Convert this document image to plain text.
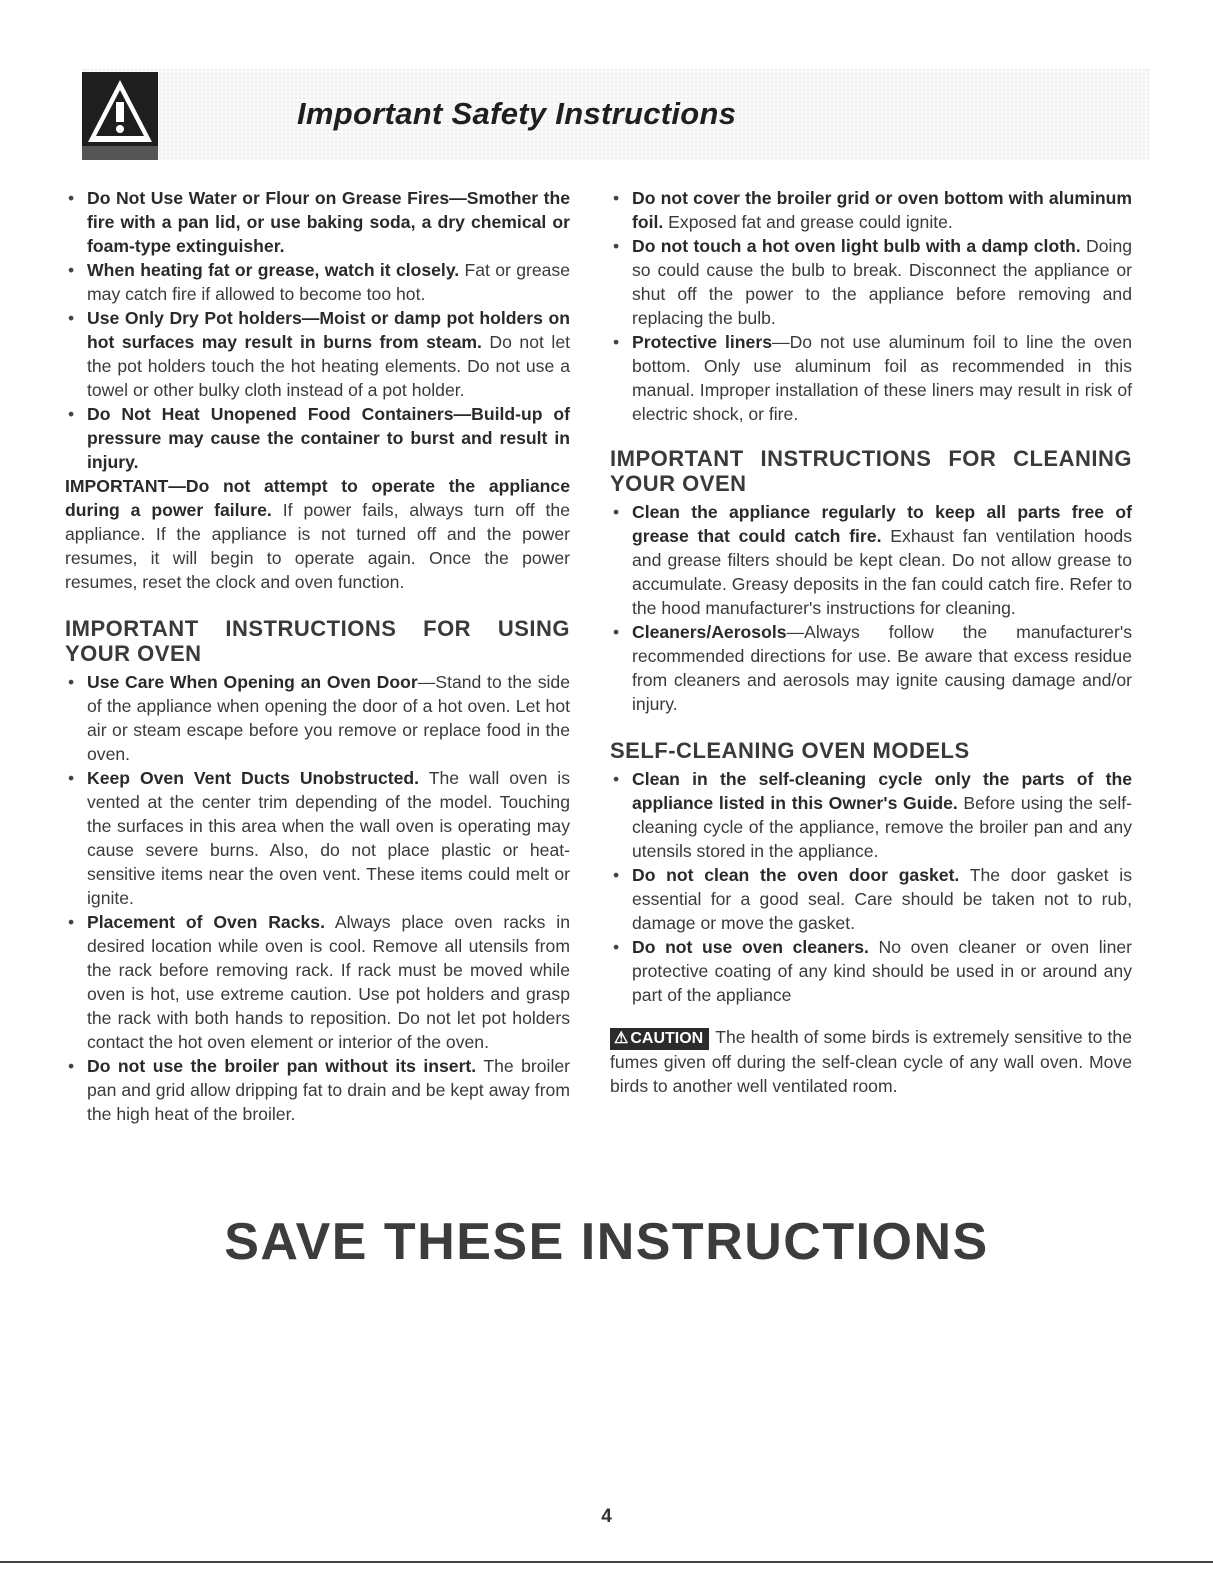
Important Safety Instructions

• Do Not Use Water or Flour on Grease Fires—Smother the fire with a pan lid, or use baking soda, a dry chemical or foam-type extinguisher.

• When heating fat or grease, watch it closely. Fat or grease may catch fire if allowed to become too hot.

• Use Only Dry Pot holders—Moist or damp pot holders on hot surfaces may result in burns from steam. Do not let the pot holders touch the hot heating elements. Do not use a towel or other bulky cloth instead of a pot holder.

• Do Not Heat Unopened Food Containers—Build-up of pressure may cause the container to burst and result in injury.

IMPORTANT—Do not attempt to operate the appliance during a power failure. If power fails, always turn off the appliance. If the appliance is not turned off and the power resumes, it will begin to operate again. Once the power resumes, reset the clock and oven function.

IMPORTANT INSTRUCTIONS FOR USING
YOUR OVEN

• Use Care When Opening an Oven Door—Stand to the side of the appliance when opening the door of a hot oven. Let hot air or steam escape before you remove or replace food in the oven.

• Keep Oven Vent Ducts Unobstructed. The wall oven is vented at the center trim depending of the model. Touching the surfaces in this area when the wall oven is operating may cause severe burns. Also, do not place plastic or heat-sensitive items near the oven vent. These items could melt or ignite.

• Placement of Oven Racks. Always place oven racks in desired location while oven is cool. Remove all utensils from the rack before removing rack. If rack must be moved while oven is hot, use extreme caution. Use pot holders and grasp the rack with both hands to reposition. Do not let pot holders contact the hot oven element or interior of the oven.

• Do not use the broiler pan without its insert. The broiler pan and grid allow dripping fat to drain and be kept away from the high heat of the broiler.

• Do not cover the broiler grid or oven bottom with aluminum foil. Exposed fat and grease could ignite.

• Do not touch a hot oven light bulb with a damp cloth. Doing so could cause the bulb to break. Disconnect the appliance or shut off the power to the appliance before removing and replacing the bulb.

• Protective liners—Do not use aluminum foil to line the oven bottom. Only use aluminum foil as recommended in this manual. Improper installation of these liners may result in risk of electric shock, or fire.

IMPORTANT INSTRUCTIONS FOR CLEANING
YOUR OVEN

• Clean the appliance regularly to keep all parts free of grease that could catch fire. Exhaust fan ventilation hoods and grease filters should be kept clean. Do not allow grease to accumulate. Greasy deposits in the fan could catch fire. Refer to the hood manufacturer's instructions for cleaning.

• Cleaners/Aerosols—Always follow the manufacturer's recommended directions for use. Be aware that excess residue from cleaners and aerosols may ignite causing damage and/or injury.

SELF-CLEANING OVEN MODELS

• Clean in the self-cleaning cycle only the parts of the appliance listed in this Owner's Guide. Before using the self-cleaning cycle of the appliance, remove the broiler pan and any utensils stored in the appliance.

• Do not clean the oven door gasket. The door gasket is essential for a good seal. Care should be taken not to rub, damage or move the gasket.

• Do not use oven cleaners. No oven cleaner or oven liner protective coating of any kind should be used in or around any part of the appliance

⚠ CAUTION The health of some birds is extremely sensitive to the fumes given off during the self-clean cycle of any wall oven. Move birds to another well ventilated room.

SAVE THESE INSTRUCTIONS
4
